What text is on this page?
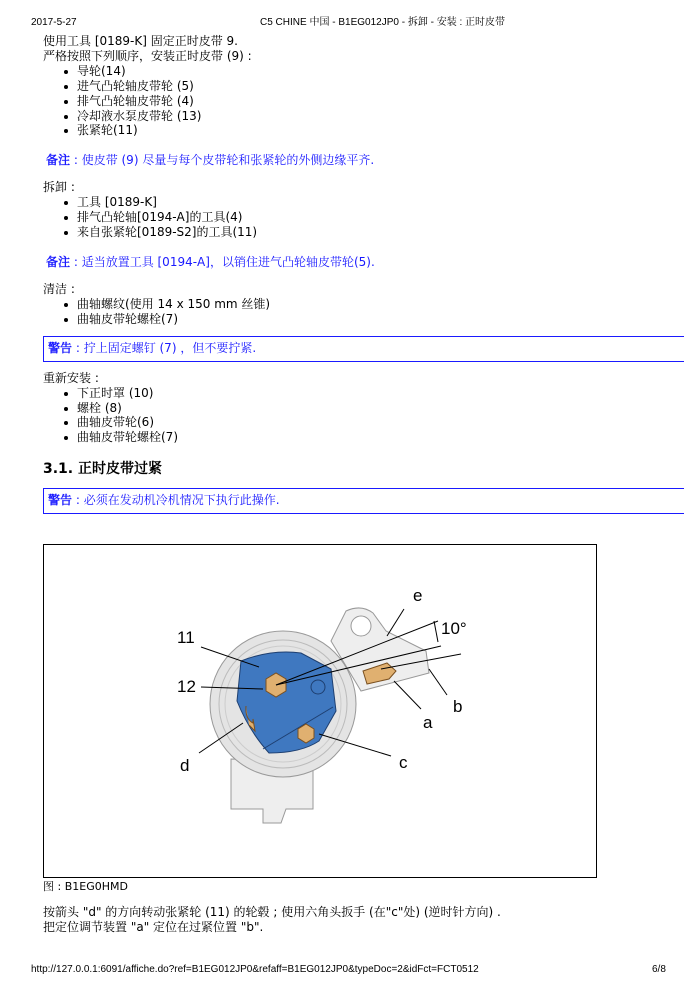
2017-5-27	C5 CHINE 中国 - B1EG012JP0 - 拆卸 - 安装 : 正时皮带
使用工具 [0189-K] 固定正时皮带 9.
严格按照下列顺序，安装正时皮带 (9) :
导轮(14)
进气凸轮轴皮带轮 (5)
排气凸轮轴皮带轮 (4)
冷却液水泵皮带轮 (13)
张紧轮(11)
备注 : 使皮带 (9) 尽量与每个皮带轮和张紧轮的外侧边缘平齐.
拆卸 :
工具 [0189-K]
排气凸轮轴[0194-A]的工具(4)
来自张紧轮[0189-S2]的工具(11)
备注 : 适当放置工具 [0194-A]，以销住进气凸轮轴皮带轮(5).
清洁 :
曲轴螺纹(使用 14 x 150 mm 丝锥)
曲轴皮带轮螺栓(7)
警告 : 拧上固定螺钉 (7) ，但不要拧紧.
重新安装 :
下正时罩 (10)
螺栓 (8)
曲轴皮带轮(6)
曲轴皮带轮螺栓(7)
3.1. 正时皮带过紧
警告 : 必须在发动机冷机情况下执行此操作.
e
10°
11
12
a
b
c
d
图 : B1EG0HMD
按箭头 "d" 的方向转动张紧轮 (11) 的轮毂 ; 使用六角头扳手 (在"c"处) (逆时针方向) .
把定位调节装置 "a" 定位在过紧位置 "b".
http://127.0.0.1:6091/affiche.do?ref=B1EG012JP0&refaff=B1EG012JP0&typeDoc=2&idFct=FCT0512	6/8
